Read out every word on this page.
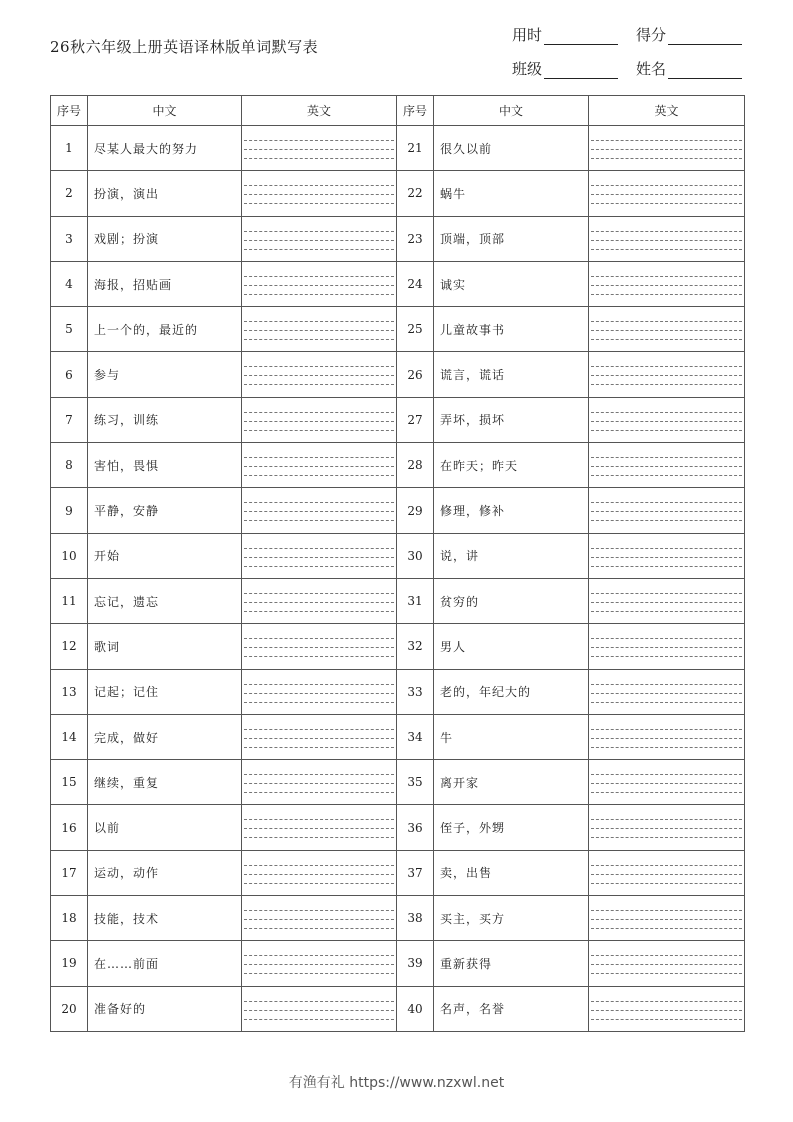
26秋六年级上册英语译林版单词默写表
用时	得分
班级	姓名
序号	中文	英文	序号	中文	英文
1	尽某人最大的努力		21	很久以前	

2	扮演，演出		22	蜗牛	

3	戏剧；扮演		23	顶端，顶部	

4	海报，招贴画		24	诚实	

5	上一个的，最近的		25	儿童故事书	

6	参与		26	谎言，谎话	

7	练习，训练		27	弄坏，损坏	

8	害怕，畏惧		28	在昨天；昨天	

9	平静，安静		29	修理，修补	

10	开始		30	说，讲	

11	忘记，遗忘		31	贫穷的	

12	歌词		32	男人	

13	记起；记住		33	老的，年纪大的	

14	完成，做好		34	牛	

15	继续，重复		35	离开家	

16	以前		36	侄子，外甥	

17	运动，动作		37	卖，出售	

18	技能，技术		38	买主，买方	

19	在……前面		39	重新获得	

20	准备好的		40	名声，名誉	
有渔有礼 https://www.nzxwl.net
